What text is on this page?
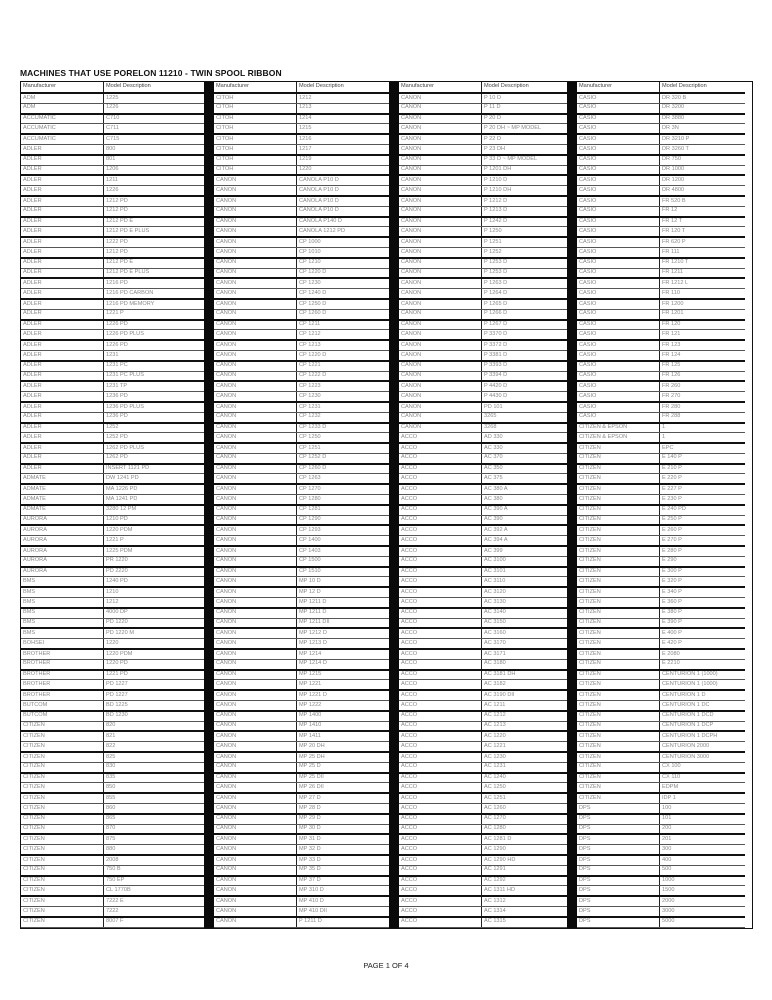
MACHINES THAT USE PORELON 11210 - TWIN SPOOL RIBBON
Manufacturer	Model Description
ADM	1225
ADM	1226
ACCUMATIC	C710
ACCUMATIC	C711
ACCUMATIC	C715
ADLER	800
ADLER	801
ADLER	1206
ADLER	1211
ADLER	1226
ADLER	1212 PD
ADLER	1212 PD
ADLER	1212 PD E
ADLER	1212 PD E PLUS
ADLER	1222 PD
ADLER	1212 PD
ADLER	1212 PD E
ADLER	1212 PD E PLUS
ADLER	1216 PD
ADLER	1216 PD CARBON
ADLER	1216 PD MEMORY
ADLER	1221 P
ADLER	1226 PD
ADLER	1226 PD PLUS
ADLER	1226 PD
ADLER	1231
ADLER	1231 PC
ADLER	1231 PC PLUS
ADLER	1231 TP
ADLER	1236 PD
ADLER	1236 PD PLUS
ADLER	1236 PD
ADLER	1252
ADLER	1252 PD
ADLER	1262 PD PLUS
ADLER	1262 PD
ADLER	INSERT 1121 PD
ADMATE	DW 1241 PD
ADMATE	MA 1226 PD
ADMATE	MA 1241 PD
ADMATE	3280 12 PM
AURORA	1210 PD
AURORA	1220 PDM
AURORA	1221 P
AURORA	1225 PDM
AURORA	PR 1220
AURORA	PD 2220
BMS	1240 PD
BMS	1210
BMS	1212
BMS	4000 DP
BMS	PD 1220
BMS	PD 1220 M
BOHSEI	1220
BROTHER	1220 PDM
BROTHER	1220 PD
BROTHER	1221 PD
BROTHER	PD 1227
BROTHER	PD 1227
BUTCOM	BD 1225
BUTCOM	BD 1230
CITIZEN	820
CITIZEN	821
CITIZEN	822
CITIZEN	825
CITIZEN	830
CITIZEN	835
CITIZEN	850
CITIZEN	855
CITIZEN	860
CITIZEN	865
CITIZEN	870
CITIZEN	875
CITIZEN	880
CITIZEN	2008
CITIZEN	750 B
CITIZEN	750 EP
CITIZEN	CL 1770B
CITIZEN	7222 E
CITIZEN	7222
CITIZEN	8007 F
Manufacturer	Model Description
CITOH	1212
CITOH	1213
CITOH	1214
CITOH	1215
CITOH	1216
CITOH	1217
CITOH	1219
CITOH	1220
CANON	CANOLA P10 D
CANON	CANOLA P10 D
CANON	CANOLA P10 D
CANON	CANOLA P10 D
CANON	CANOLA P140 D
CANON	CANOLA 1212 PD
CANON	CP 1000
CANON	CP 1010
CANON	CP 1210
CANON	CP 1220 D
CANON	CP 1230
CANON	CP 1240 D
CANON	CP 1250 D
CANON	CP 1260 D
CANON	CP 1211
CANON	CP 1212
CANON	CP 1213
CANON	CP 1220 D
CANON	CP 1221
CANON	CP 1222 D
CANON	CP 1223
CANON	CP 1230
CANON	CP 1231
CANON	CP 1232
CANON	CP 1233 D
CANON	CP 1250
CANON	CP 1251
CANON	CP 1252 D
CANON	CP 1260 D
CANON	CP 1263
CANON	CP 1270
CANON	CP 1280
CANON	CP 1281
CANON	CP 1290
CANON	CP 1293
CANON	CP 1400
CANON	CP 1403
CANON	CP 1500
CANON	CP 1510
CANON	MP 10 D
CANON	MP 12 D
CANON	MP 1211 D
CANON	MP 1211 D
CANON	MP 1211 DII
CANON	MP 1212 D
CANON	MP 1213 D
CANON	MP 1214
CANON	MP 1214 D
CANON	MP 1215
CANON	MP 1221
CANON	MP 1221 D
CANON	MP 1222
CANON	MP 1400
CANON	MP 1410
CANON	MP 1411
CANON	MP 20 DH
CANON	MP 25 DH
CANON	MP 25 D
CANON	MP 25 DII
CANON	MP 26 DII
CANON	MP 27 D
CANON	MP 28 D
CANON	MP 29 D
CANON	MP 30 D
CANON	MP 31 D
CANON	MP 32 D
CANON	MP 33 D
CANON	MP 35 D
CANON	MP 37 D
CANON	MP 310 D
CANON	MP 410 D
CANON	MP 410 DII
CANON	P 1211 D
Manufacturer	Model Description
CANON	P 10 D
CANON	P 11 D
CANON	P 20 D
CANON	P 20 DH ~ MP MODEL
CANON	P 22 D
CANON	P 23 DH
CANON	P 33 D ~ MP MODEL
CANON	P 1201 DH
CANON	P 1210 D
CANON	P 1210 DH
CANON	P 1212 D
CANON	P 1213 D
CANON	P 1242 D
CANON	P 1250
CANON	P 1251
CANON	P 1252
CANON	P 1253 D
CANON	P 1253 D
CANON	P 1263 D
CANON	P 1264 D
CANON	P 1265 D
CANON	P 1266 D
CANON	P 1267 D
CANON	P 3370 D
CANON	P 3372 D
CANON	P 3381 D
CANON	P 3393 D
CANON	P 3394 D
CANON	P 4420 D
CANON	P 4430 D
CANON	PD 101
CANON	3265
CANON	3268
ACCO	AD 330
ACCO	AC 330
ACCO	AC 370
ACCO	AC 350
ACCO	AC 375
ACCO	AC 380 A
ACCO	AC 380
ACCO	AC 390 A
ACCO	AC 390
ACCO	AC 392 A
ACCO	AC 394 A
ACCO	AC 399
ACCO	AC 3100
ACCO	AC 3101
ACCO	AC 3110
ACCO	AC 3120
ACCO	AC 3130
ACCO	AC 3140
ACCO	AC 3150
ACCO	AC 3160
ACCO	AC 3170
ACCO	AC 3171
ACCO	AC 3180
ACCO	AC 3181 DH
ACCO	AC 3182
ACCO	AC 3190 DII
ACCO	AC 1211
ACCO	AC 1212
ACCO	AC 1213
ACCO	AC 1220
ACCO	AC 1221
ACCO	AC 1230
ACCO	AC 1231
ACCO	AC 1240
ACCO	AC 1250
ACCO	AC 1251
ACCO	AC 1260
ACCO	AC 1270
ACCO	AC 1280
ACCO	AC 1281 D
ACCO	AC 1290
ACCO	AC 1290 HD
ACCO	AC 1291
ACCO	AC 1292
ACCO	AC 1311 HD
ACCO	AC 1312
ACCO	AC 1314
ACCO	AC 1315
Manufacturer	Model Description
CASIO	DR 320 B
CASIO	DR 3200
CASIO	DR 3880
CASIO	DR 3N
CASIO	DR 3210 P
CASIO	DR 3260 T
CASIO	DR 750
CASIO	DR 1000
CASIO	DR 1200
CASIO	DR 4800
CASIO	FR 520 B
CASIO	FR 12
CASIO	FR 12 T
CASIO	FR 120 T
CASIO	FR 620 P
CASIO	FR 111
CASIO	FR 1210 T
CASIO	FR 1211
CASIO	FR 1212 L
CASIO	FR 110
CASIO	FR 1200
CASIO	FR 1201
CASIO	FR 120
CASIO	FR 121
CASIO	FR 123
CASIO	FR 124
CASIO	FR 125
CASIO	FR 126
CASIO	FR 260
CASIO	FR 270
CASIO	FR 280
CASIO	FR 288
CITIZEN & EPSON	1
CITIZEN & EPSON	1
CITIZEN	EPC
CITIZEN	E 140 P
CITIZEN	E 210 P
CITIZEN	E 220 P
CITIZEN	E 227 P
CITIZEN	E 230 P
CITIZEN	E 240 PD
CITIZEN	E 250 P
CITIZEN	E 260 P
CITIZEN	E 270 P
CITIZEN	E 280 P
CITIZEN	E 290
CITIZEN	E 300 P
CITIZEN	E 320 P
CITIZEN	E 340 P
CITIZEN	E 360 P
CITIZEN	E 380 P
CITIZEN	E 390 P
CITIZEN	E 400 P
CITIZEN	E 420 P
CITIZEN	E 2080
CITIZEN	E 2210
CITIZEN	CENTURION 1 (1000)
CITIZEN	CENTURION 1 (1000)
CITIZEN	CENTURION 1 D
CITIZEN	CENTURION 1 DC
CITIZEN	CENTURION 1 DCD
CITIZEN	CENTURION 1 DCP
CITIZEN	CENTURION 1 DCPH
CITIZEN	CENTURION 2000
CITIZEN	CENTURION 3000
CITIZEN	CX 100
CITIZEN	CX 110
CITIZEN	EDPM
CITIZEN	IDP 1
DPS	100
DPS	101
DPS	200
DPS	201
DPS	300
DPS	400
DPS	500
DPS	1000
DPS	1500
DPS	2000
DPS	3000
DPS	5000
PAGE 1 OF 4
